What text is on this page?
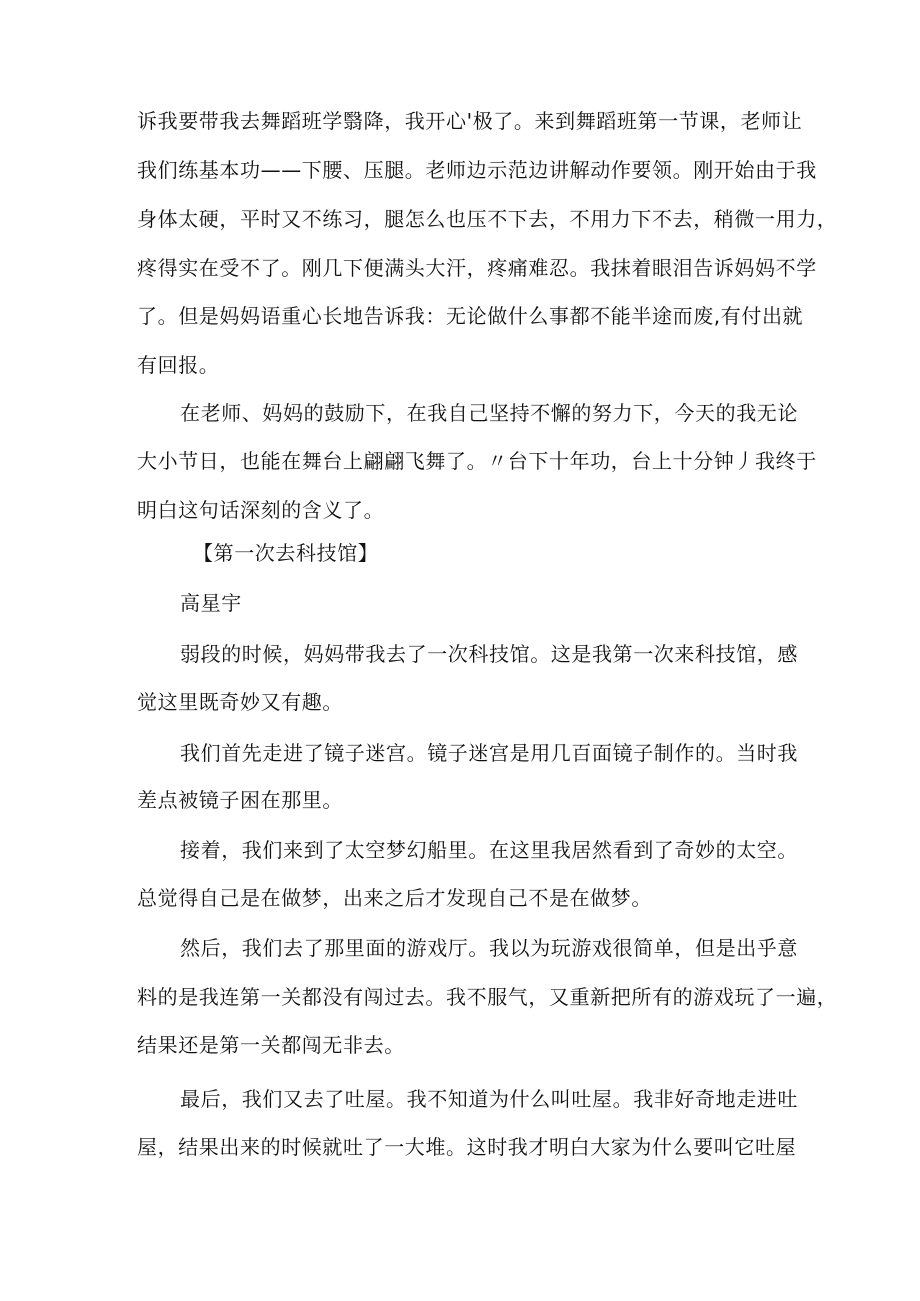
诉我要带我去舞蹈班学翳降，我开心'极了。来到舞蹈班第一节课，老师让
我们练基本功——下腰、压腿。老师边示范边讲解动作要领。刚开始由于我
身体太硬，平时又不练习，腿怎么也压不下去，不用力下不去，稍微一用力，
疼得实在受不了。刚几下便满头大汗，疼痛难忍。我抹着眼泪告诉妈妈不学
了。但是妈妈语重心长地告诉我：无论做什么事都不能半途而废,有付出就
有回报。
在老师、妈妈的鼓励下，在我自己坚持不懈的努力下，今天的我无论
大小节日，也能在舞台上翩翩飞舞了。〃台下十年功，台上十分钟丿我终于
明白这句话深刻的含义了。
【第一次去科技馆】
高星宇
弱段的时候，妈妈带我去了一次科技馆。这是我第一次来科技馆，感
觉这里既奇妙又有趣。
我们首先走进了镜子迷宫。镜子迷宫是用几百面镜子制作的。当时我
差点被镜子困在那里。
接着，我们来到了太空梦幻船里。在这里我居然看到了奇妙的太空。
总觉得自己是在做梦，出来之后才发现自己不是在做梦。
然后，我们去了那里面的游戏厅。我以为玩游戏很简单，但是出乎意
料的是我连第一关都没有闯过去。我不服气，又重新把所有的游戏玩了一遍，
结果还是第一关都闯无非去。
最后，我们又去了吐屋。我不知道为什么叫吐屋。我非好奇地走进吐
屋，结果出来的时候就吐了一大堆。这时我才明白大家为什么要叫它吐屋
